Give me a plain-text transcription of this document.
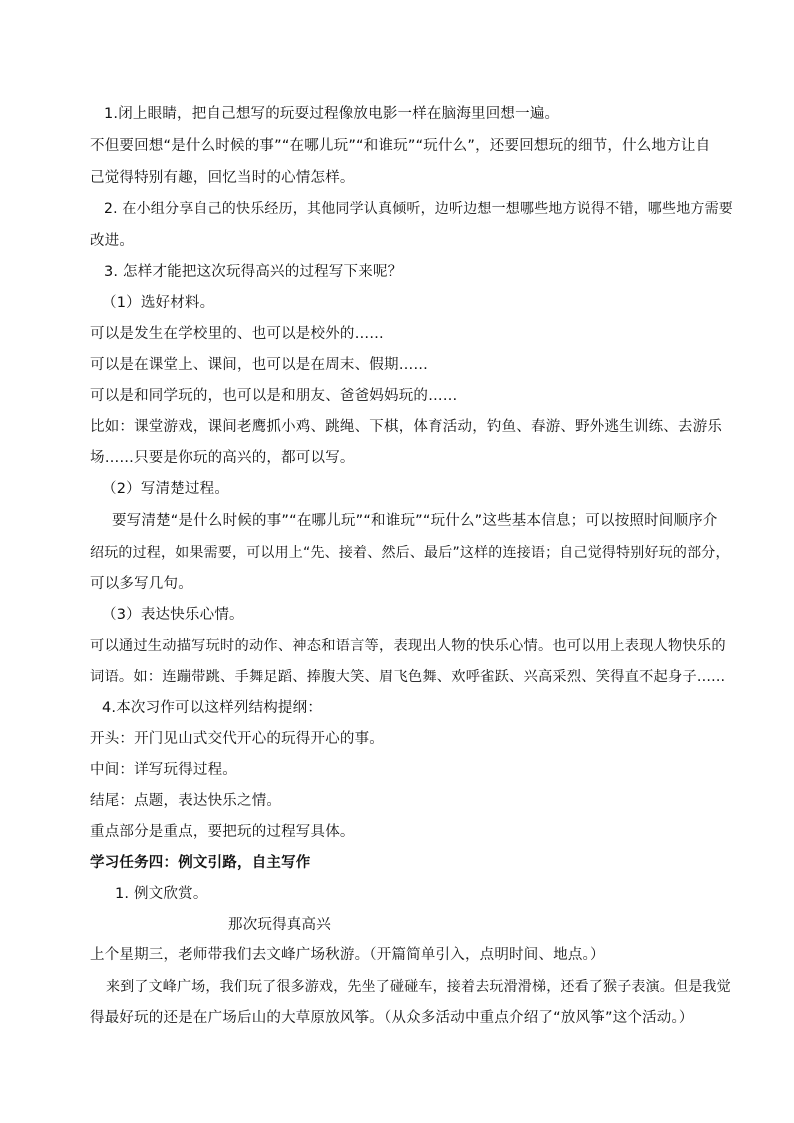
1.闭上眼睛，把自己想写的玩耍过程像放电影一样在脑海里回想一遍。
不但要回想“是什么时候的事”“在哪儿玩”“和谁玩”“玩什么”，还要回想玩的细节，什么地方让自
己觉得特别有趣，回忆当时的心情怎样。
2. 在小组分享自己的快乐经历，其他同学认真倾听，边听边想一想哪些地方说得不错，哪些地方需要
改进。
3. 怎样才能把这次玩得高兴的过程写下来呢？
（1）选好材料。
可以是发生在学校里的、也可以是校外的……
可以是在课堂上、课间，也可以是在周末、假期……
可以是和同学玩的，也可以是和朋友、爸爸妈妈玩的……
比如：课堂游戏，课间老鹰抓小鸡、跳绳、下棋，体育活动，钓鱼、春游、野外逃生训练、去游乐
场……只要是你玩的高兴的，都可以写。
（2）写清楚过程。
要写清楚“是什么时候的事”“在哪儿玩”“和谁玩”“玩什么”这些基本信息；可以按照时间顺序介
绍玩的过程，如果需要，可以用上“先、接着、然后、最后”这样的连接语；自己觉得特别好玩的部分，
可以多写几句。
（3）表达快乐心情。
可以通过生动描写玩时的动作、神态和语言等，表现出人物的快乐心情。也可以用上表现人物快乐的
词语。如：连蹦带跳、手舞足蹈、捧腹大笑、眉飞色舞、欢呼雀跃、兴高采烈、笑得直不起身子......
4.本次习作可以这样列结构提纲：
开头：开门见山式交代开心的玩得开心的事。
中间：详写玩得过程。
结尾：点题，表达快乐之情。
重点部分是重点，要把玩的过程写具体。
学习任务四：例文引路，自主写作
1. 例文欣赏。
那次玩得真高兴
上个星期三，老师带我们去文峰广场秋游。（开篇简单引入，点明时间、地点。）
来到了文峰广场，我们玩了很多游戏，先坐了碰碰车，接着去玩滑滑梯，还看了猴子表演。但是我觉
得最好玩的还是在广场后山的大草原放风筝。（从众多活动中重点介绍了“放风筝”这个活动。）
